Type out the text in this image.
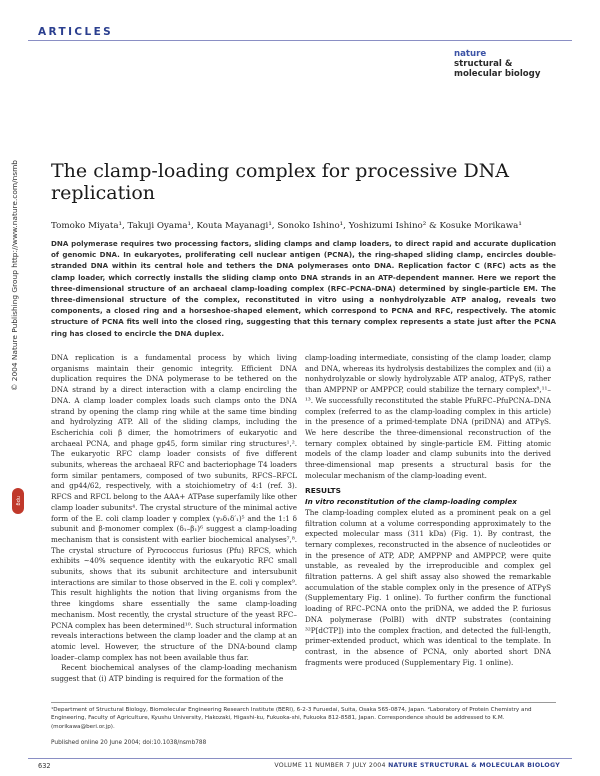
ARTICLES
nature
structural &
molecular biology
© 2004 Nature Publishing Group http://www.nature.com/nsmb
npg
The clamp-loading complex for processive DNA replication
Tomoko Miyata¹, Takuji Oyama¹, Kouta Mayanagi¹, Sonoko Ishino¹, Yoshizumi Ishino² & Kosuke Morikawa¹
DNA polymerase requires two processing factors, sliding clamps and clamp loaders, to direct rapid and accurate duplication of genomic DNA. In eukaryotes, proliferating cell nuclear antigen (PCNA), the ring-shaped sliding clamp, encircles double-stranded DNA within its central hole and tethers the DNA polymerases onto DNA. Replication factor C (RFC) acts as the clamp loader, which correctly installs the sliding clamp onto DNA strands in an ATP-dependent manner. Here we report the three-dimensional structure of an archaeal clamp-loading complex (RFC–PCNA–DNA) determined by single-particle EM. The three-dimensional structure of the complex, reconstituted in vitro using a nonhydrolyzable ATP analog, reveals two components, a closed ring and a horseshoe-shaped element, which correspond to PCNA and RFC, respectively. The atomic structure of PCNA fits well into the closed ring, suggesting that this ternary complex represents a state just after the PCNA ring has closed to encircle the DNA duplex.

DNA replication is a fundamental process by which living organisms maintain their genomic integrity. Efficient DNA duplication requires the DNA polymerase to be tethered on the DNA strand by a direct interaction with a clamp encircling the DNA. A clamp loader complex loads such clamps onto the DNA strand by opening the clamp ring while at the same time binding and hydrolyzing ATP. All of the sliding clamps, including the Escherichia coli β dimer, the homotrimers of eukaryotic and archaeal PCNA, and phage gp45, form similar ring structures¹,². The eukaryotic RFC clamp loader consists of five different subunits, whereas the archaeal RFC and bacteriophage T4 loaders form similar pentamers, composed of two subunits, RFCS–RFCL and gp44/62, respectively, with a stoichiometry of 4:1 (ref. 3). RFCS and RFCL belong to the AAA+ ATPase superfamily like other clamp loader subunits⁴. The crystal structure of the minimal active form of the E. coli clamp loader γ complex (γ₃δ₁δ′₁)⁵ and the 1:1 δ subunit and β-monomer complex (δ₁–β₁)⁶ suggest a clamp-loading mechanism that is consistent with earlier biochemical analyses⁷,⁸. The crystal structure of Pyrococcus furiosus (Pfu) RFCS, which exhibits ~40% sequence identity with the eukaryotic RFC small subunits, shows that its subunit architecture and intersubunit interactions are similar to those observed in the E. coli γ complex⁹. This result highlights the notion that living organisms from the three kingdoms share essentially the same clamp-loading mechanism. Most recently, the crystal structure of the yeast RFC–PCNA complex has been determined¹⁰. Such structural information reveals interactions between the clamp loader and the clamp at an atomic level. However, the structure of the DNA-bound clamp loader–clamp complex has not been available thus far.

Recent biochemical analyses of the clamp-loading mechanism suggest that (i) ATP binding is required for the formation of the

clamp-loading intermediate, consisting of the clamp loader, clamp and DNA, whereas its hydrolysis destabilizes the complex and (ii) a nonhydrolyzable or slowly hydrolyzable ATP analog, ATPγS, rather than AMPPNP or AMPPCP, could stabilize the ternary complex⁸,¹¹–¹³. We successfully reconstituted the stable PfuRFC–PfuPCNA–DNA complex (referred to as the clamp-loading complex in this article) in the presence of a primed-template DNA (priDNA) and ATPγS. We here describe the three-dimensional reconstruction of the ternary complex obtained by single-particle EM. Fitting atomic models of the clamp loader and clamp subunits into the derived three-dimensional map presents a structural basis for the molecular mechanism of the clamp-loading event.

RESULTS
In vitro reconstitution of the clamp-loading complex

The clamp-loading complex eluted as a prominent peak on a gel filtration column at a volume corresponding approximately to the expected molecular mass (311 kDa) (Fig. 1). By contrast, the ternary complexes, reconstructed in the absence of nucleotides or in the presence of ATP, ADP, AMPPNP and AMPPCP, were quite unstable, as revealed by the irreproducible and complex gel filtration patterns. A gel shift assay also showed the remarkable accumulation of the stable complex only in the presence of ATPγS (Supplementary Fig. 1 online). To further confirm the functional loading of RFC–PCNA onto the priDNA, we added the P. furiosus DNA polymerase (PolBI) with dNTP substrates (containing ³²P[dCTP]) into the complex fraction, and detected the full-length, primer-extended product, which was identical to the template. In contrast, in the absence of PCNA, only aborted short DNA fragments were produced (Supplementary Fig. 1 online).

¹Department of Structural Biology, Biomolecular Engineering Research Institute (BERI), 6-2-3 Furuedai, Suita, Osaka 565-0874, Japan. ²Laboratory of Protein Chemistry and Engineering, Faculty of Agriculture, Kyushu University, Hakozaki, Higashi-ku, Fukuoka-shi, Fukuoka 812-8581, Japan. Correspondence should be addressed to K.M. (morikawa@beri.or.jp).
Published online 20 June 2004; doi:10.1038/nsmb788
632	VOLUME 11 NUMBER 7 JULY 2004 NATURE STRUCTURAL & MOLECULAR BIOLOGY
